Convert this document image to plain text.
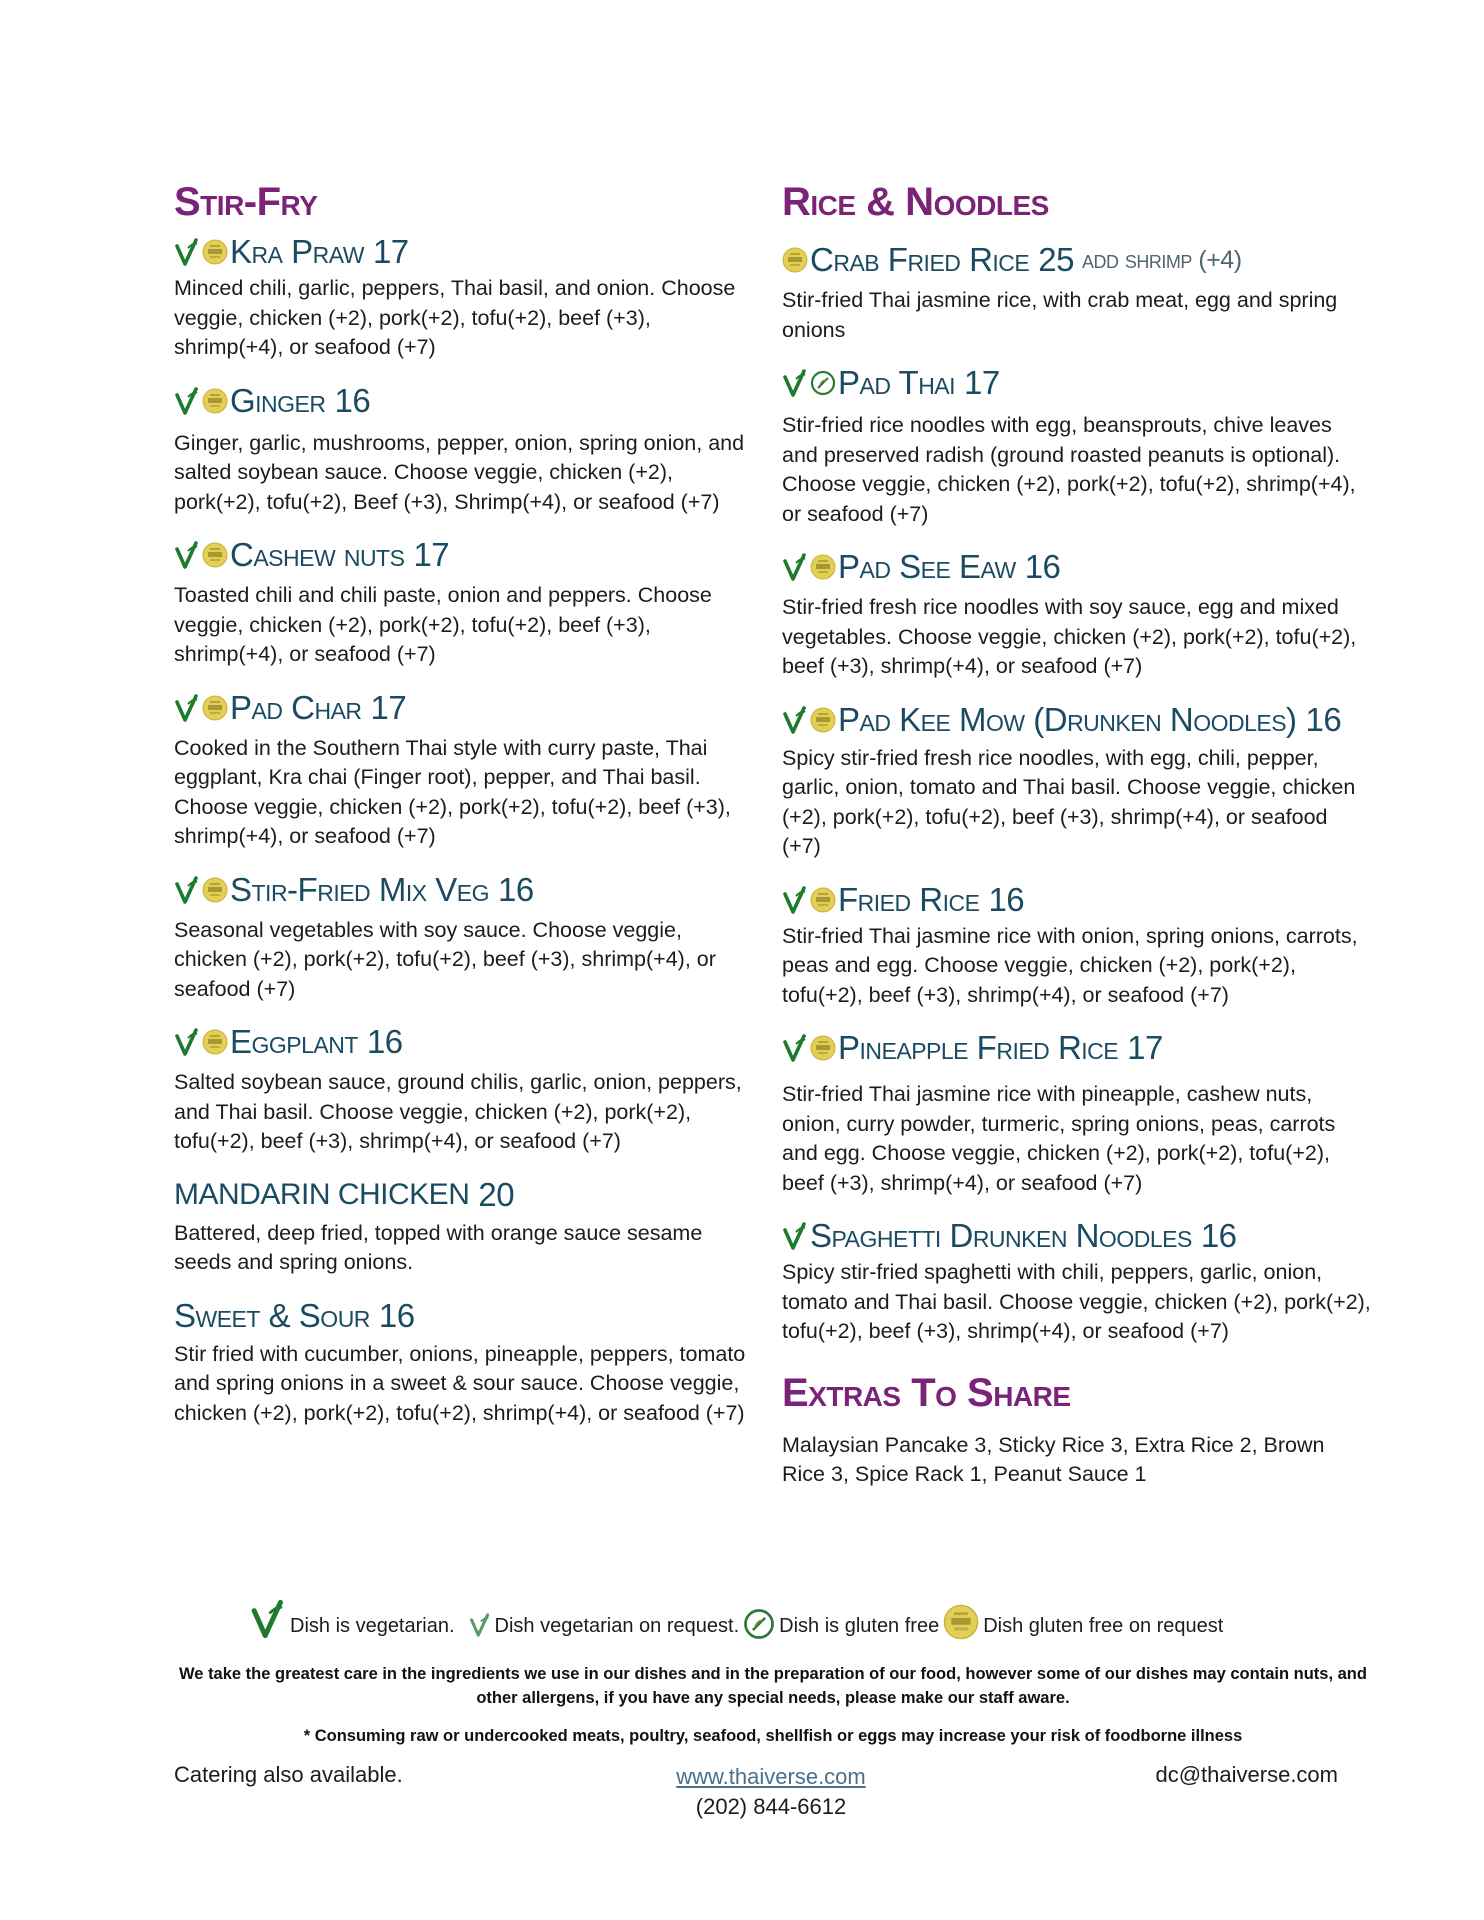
Stir-Fry
Kra Praw 17
Minced chili, garlic, peppers, Thai basil, and onion. Choose veggie, chicken (+2), pork(+2), tofu(+2), beef (+3), shrimp(+4), or seafood (+7)
Ginger 16
Ginger, garlic, mushrooms, pepper, onion, spring onion, and salted soybean sauce. Choose veggie, chicken (+2), pork(+2), tofu(+2), Beef (+3), Shrimp(+4), or seafood (+7)
Cashew nuts 17
Toasted chili and chili paste, onion and peppers. Choose veggie, chicken (+2), pork(+2), tofu(+2), beef (+3), shrimp(+4), or seafood (+7)
Pad Char 17
Cooked in the Southern Thai style with curry paste, Thai eggplant, Kra chai (Finger root), pepper, and Thai basil. Choose veggie, chicken (+2), pork(+2), tofu(+2), beef (+3), shrimp(+4), or seafood (+7)
Stir-Fried Mix Veg 16
Seasonal vegetables with soy sauce. Choose veggie, chicken (+2), pork(+2), tofu(+2), beef (+3), shrimp(+4), or seafood (+7)
Eggplant 16
Salted soybean sauce, ground chilis, garlic, onion, peppers, and Thai basil. Choose veggie, chicken (+2), pork(+2), tofu(+2), beef (+3), shrimp(+4), or seafood (+7)
MANDARIN CHICKEN 20
Battered, deep fried, topped with orange sauce sesame seeds and spring onions.
Sweet & Sour 16
Stir fried with cucumber, onions, pineapple, peppers, tomato and spring onions in a sweet & sour sauce. Choose veggie, chicken (+2), pork(+2), tofu(+2), shrimp(+4), or seafood (+7)
Rice & Noodles
Crab Fried Rice 25 add shrimp (+4)
Stir-fried Thai jasmine rice, with crab meat, egg and spring onions
Pad Thai 17
Stir-fried rice noodles with egg, beansprouts, chive leaves and preserved radish (ground roasted peanuts is optional). Choose veggie, chicken (+2), pork(+2), tofu(+2), shrimp(+4), or seafood (+7)
Pad See Eaw 16
Stir-fried fresh rice noodles with soy sauce, egg and mixed vegetables. Choose veggie, chicken (+2), pork(+2), tofu(+2), beef (+3), shrimp(+4), or seafood (+7)
Pad Kee Mow (Drunken Noodles) 16
Spicy stir-fried fresh rice noodles, with egg, chili, pepper, garlic, onion, tomato and Thai basil. Choose veggie, chicken (+2), pork(+2), tofu(+2), beef (+3), shrimp(+4), or seafood (+7)
Fried Rice 16
Stir-fried Thai jasmine rice with onion, spring onions, carrots, peas and egg. Choose veggie, chicken (+2), pork(+2), tofu(+2), beef (+3), shrimp(+4), or seafood (+7)
Pineapple Fried Rice 17
Stir-fried Thai jasmine rice with pineapple, cashew nuts, onion, curry powder, turmeric, spring onions, peas, carrots and egg. Choose veggie, chicken (+2), pork(+2), tofu(+2), beef (+3), shrimp(+4), or seafood (+7)
Spaghetti Drunken Noodles 16
Spicy stir-fried spaghetti with chili, peppers, garlic, onion, tomato and Thai basil. Choose veggie, chicken (+2), pork(+2), tofu(+2), beef (+3), shrimp(+4), or seafood (+7)
Extras To Share
Malaysian Pancake 3, Sticky Rice 3, Extra Rice 2, Brown Rice 3, Spice Rack 1, Peanut Sauce 1
Dish is vegetarian. Dish vegetarian on request. Dish is gluten free Dish gluten free on request
We take the greatest care in the ingredients we use in our dishes and in the preparation of our food, however some of our dishes may contain nuts, and other allergens, if you have any special needs, please make our staff aware.
* Consuming raw or undercooked meats, poultry, seafood, shellfish or eggs may increase your risk of foodborne illness
Catering also available.	www.thaiverse.com
(202) 844-6612
dc@thaiverse.com
